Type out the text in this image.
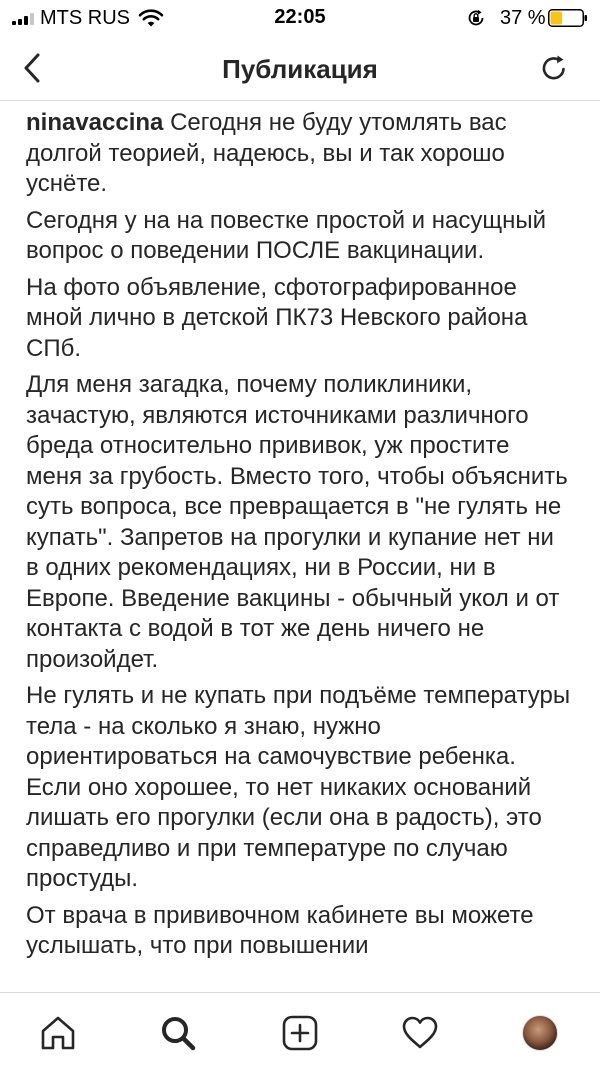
MTS RUS	22:05	37 %
Публикация

ninavaccina Сегодня не буду утомлять вас долгой теорией, надеюсь, вы и так хорошо уснёте.

Сегодня у на на повестке простой и насущный вопрос о поведении ПОСЛЕ вакцинации.

На фото объявление, сфотографированное мной лично в детской ПК73 Невского района СПб.

Для меня загадка, почему поликлиники, зачастую, являются источниками различного бреда относительно прививок, уж простите меня за грубость. Вместо того, чтобы объяснить суть вопроса, все превращается в "не гулять не купать". Запретов на прогулки и купание нет ни в одних рекомендациях, ни в России, ни в Европе. Введение вакцины - обычный укол и от контакта с водой в тот же день ничего не произойдет.

Не гулять и не купать при подъёме температуры тела - на сколько я знаю, нужно ориентироваться на самочувствие ребенка. Если оно хорошее, то нет никаких оснований лишать его прогулки (если она в радость), это справедливо и при температуре по случаю простуды.

От врача в прививочном кабинете вы можете услышать, что при повышении
